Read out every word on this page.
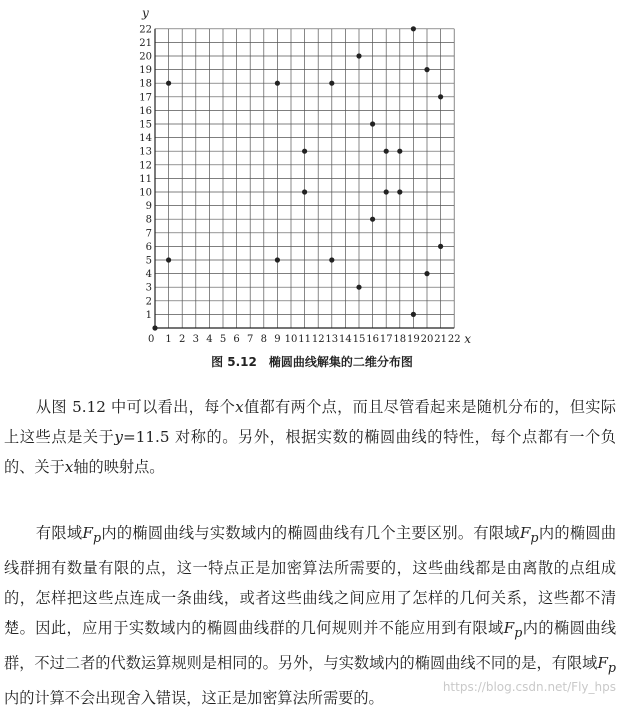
1 2 3 4 5 6 7 8 9 10 11 12 13 14 15 16 17 18 19 20 21 22
1
2
3
4
5
6
7
8
9
10
11
12
13
14
15
16
17
18
19
20
21
22
x
y
0
图 5.12 椭圆曲线解集的二维分布图

从图 5.12 中可以看出，每个x值都有两个点，而且尽管看起来是随机分布的，但实际上这些点是关于y=11.5 对称的。另外，根据实数的椭圆曲线的特性，每个点都有一个负的、关于x轴的映射点。

有限域$F_p$内的椭圆曲线与实数域内的椭圆曲线有几个主要区别。有限域$F_p$内的椭圆曲线群拥有数量有限的点，这一特点正是加密算法所需要的，这些曲线都是由离散的点组成的，怎样把这些点连成一条曲线，或者这些曲线之间应用了怎样的几何关系，这些都不清楚。因此，应用于实数域内的椭圆曲线群的几何规则并不能应用到有限域$F_p$内的椭圆曲线群，不过二者的代数运算规则是相同的。另外，与实数域内的椭圆曲线不同的是，有限域$F_p$内的计算不会出现舍入错误，这正是加密算法所需要的。

https://blog.csdn.net/Fly_hps
